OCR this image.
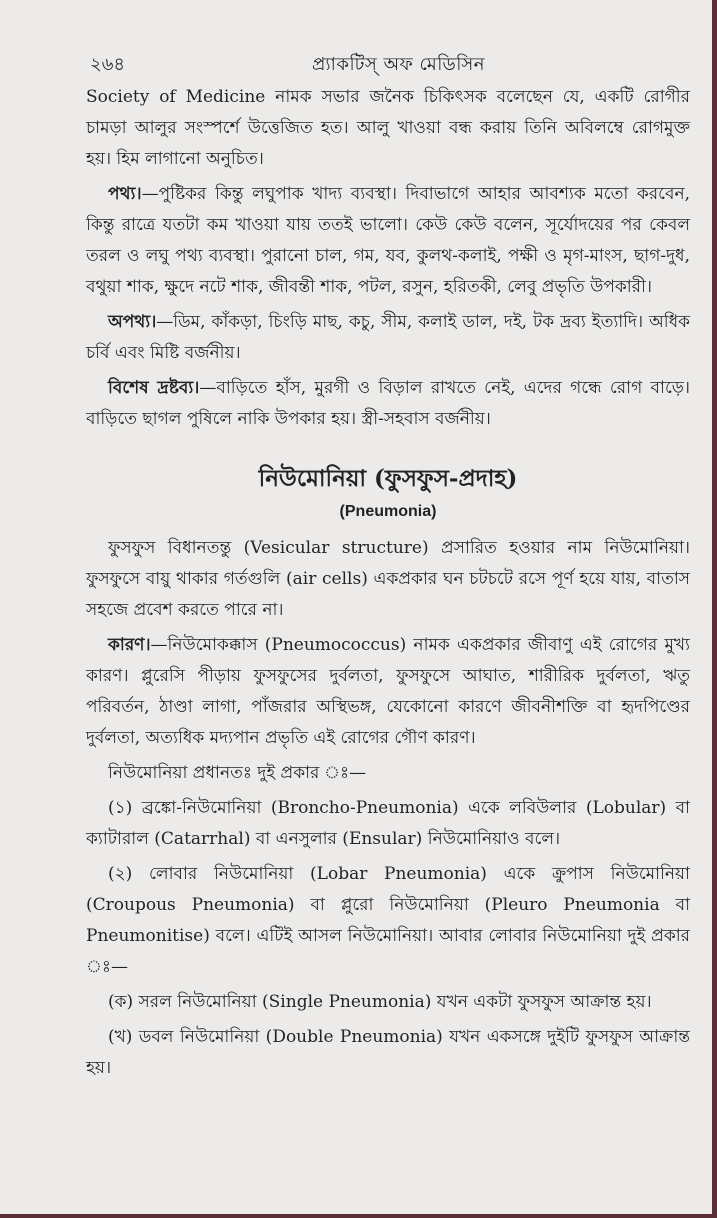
২৬৪	প্র্যাকটিস্ অফ মেডিসিন

Society of Medicine নামক সভার জনৈক চিকিৎসক বলেছেন যে, একটি রোগীর চামড়া আলুর সংস্পর্শে উত্তেজিত হত। আলু খাওয়া বন্ধ করায় তিনি অবিলম্বে রোগমুক্ত হয়। হিম লাগানো অনুচিত।

পথ্য।—পুষ্টিকর কিন্তু লঘুপাক খাদ্য ব্যবস্থা। দিবাভাগে আহার আবশ্যক মতো করবেন, কিন্তু রাত্রে যতটা কম খাওয়া যায় ততই ভালো। কেউ কেউ বলেন, সূর্যোদয়ের পর কেবল তরল ও লঘু পথ্য ব্যবস্থা। পুরানো চাল, গম, যব, কুলথ-কলাই, পক্ষী ও মৃগ-মাংস, ছাগ-দুধ, বথুয়া শাক, ক্ষুদে নটে শাক, জীবন্তী শাক, পটল, রসুন, হরিতকী, লেবু প্রভৃতি উপকারী।

অপথ্য।—ডিম, কাঁকড়া, চিংড়ি মাছ, কচু, সীম, কলাই ডাল, দই, টক দ্রব্য ইত্যাদি। অধিক চর্বি এবং মিষ্টি বর্জনীয়।

বিশেষ দ্রষ্টব্য।—বাড়িতে হাঁস, মুরগী ও বিড়াল রাখতে নেই, এদের গন্ধে রোগ বাড়ে। বাড়িতে ছাগল পুষিলে নাকি উপকার হয়। স্ত্রী-সহবাস বর্জনীয়।

নিউমোনিয়া (ফুসফুস-প্রদাহ)
(Pneumonia)

ফুসফুস বিধানতন্তু (Vesicular structure) প্রসারিত হওয়ার নাম নিউমোনিয়া। ফুসফুসে বায়ু থাকার গর্তগুলি (air cells) একপ্রকার ঘন চটচটে রসে পূর্ণ হয়ে যায়, বাতাস সহজে প্রবেশ করতে পারে না।

কারণ।—নিউমোকক্কাস (Pneumococcus) নামক একপ্রকার জীবাণু এই রোগের মুখ্য কারণ। প্লুরেসি পীড়ায় ফুসফুসের দুর্বলতা, ফুসফুসে আঘাত, শারীরিক দুর্বলতা, ঋতু পরিবর্তন, ঠাণ্ডা লাগা, পাঁজরার অস্থিভঙ্গ, যেকোনো কারণে জীবনীশক্তি বা হৃদপিণ্ডের দুর্বলতা, অত্যধিক মদ্যপান প্রভৃতি এই রোগের গৌণ কারণ।

নিউমোনিয়া প্রধানতঃ দুই প্রকার ঃ—

(১) ব্রঙ্কো-নিউমোনিয়া (Broncho-Pneumonia) একে লবিউলার (Lobular) বা ক্যাটারাল (Catarrhal) বা এনসুলার (Ensular) নিউমোনিয়াও বলে।

(২) লোবার নিউমোনিয়া (Lobar Pneumonia) একে ক্রুপাস নিউমোনিয়া (Croupous Pneumonia) বা প্লুরো নিউমোনিয়া (Pleuro Pneumonia বা Pneumonitise) বলে। এটিই আসল নিউমোনিয়া। আবার লোবার নিউমোনিয়া দুই প্রকার ঃ—

(ক) সরল নিউমোনিয়া (Single Pneumonia) যখন একটা ফুসফুস আক্রান্ত হয়।

(খ) ডবল নিউমোনিয়া (Double Pneumonia) যখন একসঙ্গে দুইটি ফুসফুস আক্রান্ত হয়।
